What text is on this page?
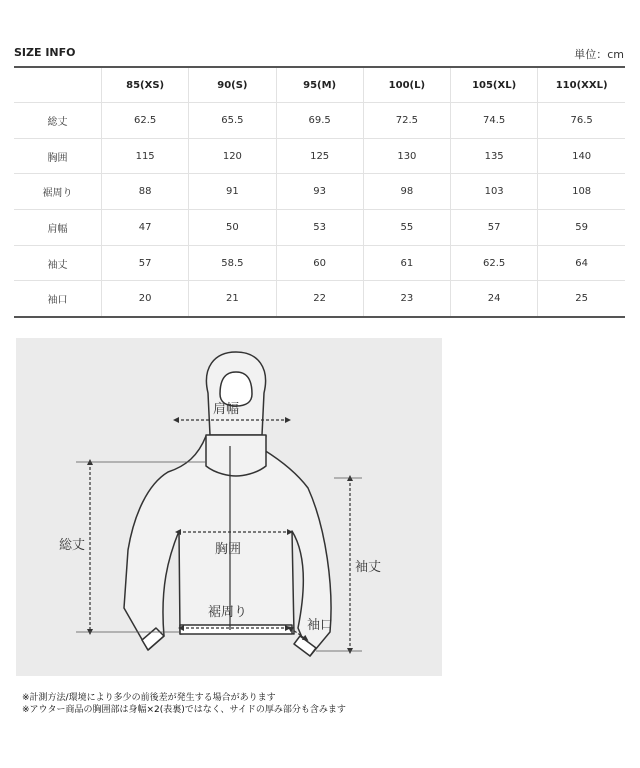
SIZE INFO	単位：cm
	85(XS)	90(S)	95(M)	100(L)	105(XL)	110(XXL)
総丈	62.5	65.5	69.5	72.5	74.5	76.5
胸囲	115	120	125	130	135	140
裾周り	88	91	93	98	103	108
肩幅	47	50	53	55	57	59
袖丈	57	58.5	60	61	62.5	64
袖口	20	21	22	23	24	25
肩幅
胸囲
裾周り
総丈
袖丈
袖口
※計測方法/環境により多少の前後差が発生する場合があります
※アウター商品の胸囲部は身幅×2(表裏)ではなく、サイドの厚み部分も含みます
